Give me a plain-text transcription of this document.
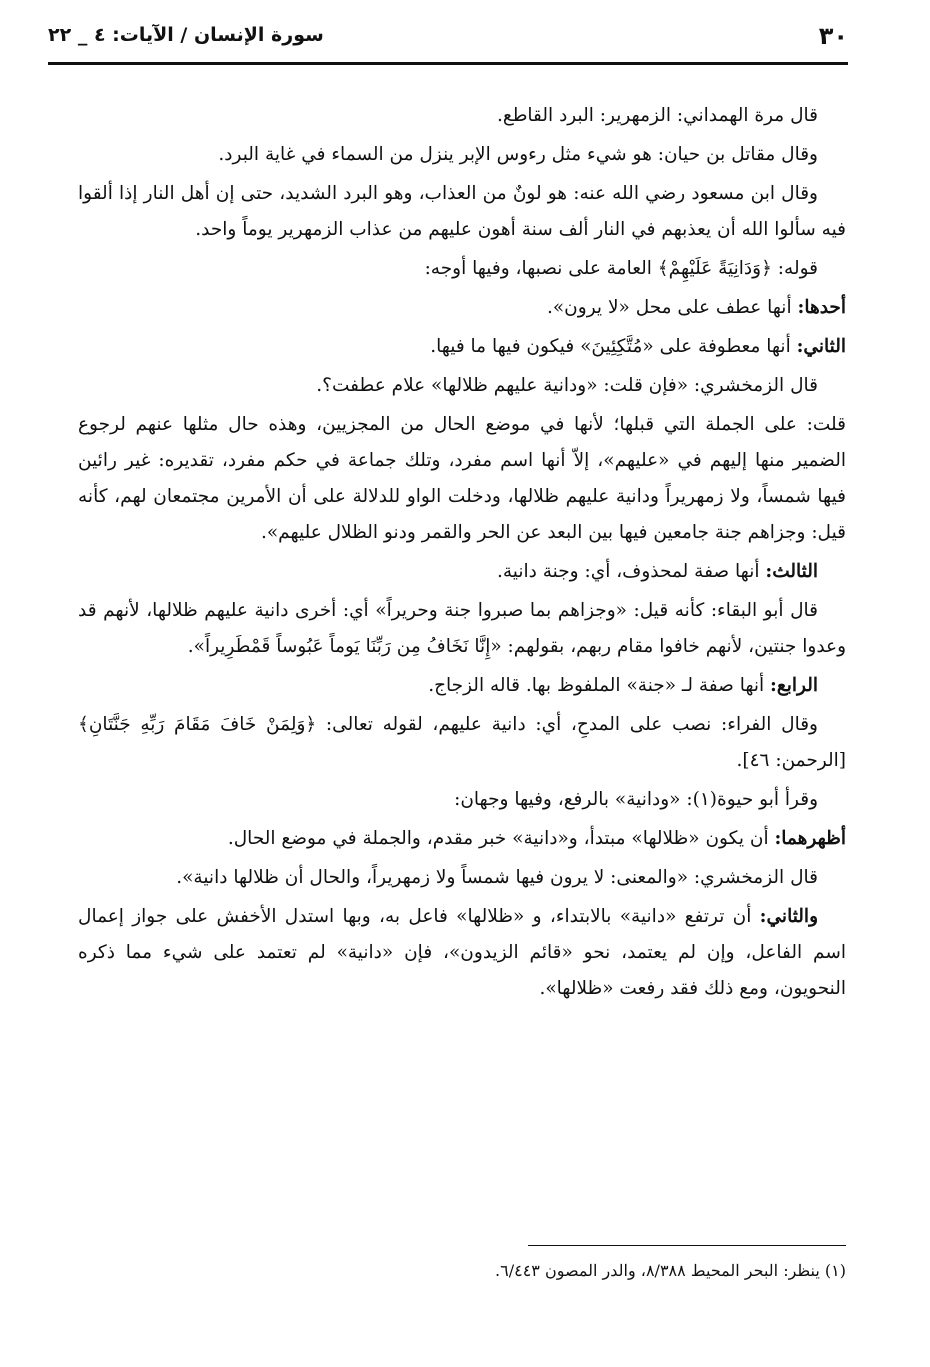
٣٠
سورة الإنسان / الآيات: ٤ _ ٢٢

قال مرة الهمداني: الزمهرير: البرد القاطع.

وقال مقاتل بن حيان: هو شيء مثل رءوس الإبر ينزل من السماء في غاية البرد.

وقال ابن مسعود رضي الله عنه: هو لونٌ من العذاب، وهو البرد الشديد، حتى إن أهل النار إذا ألقوا فيه سألوا الله أن يعذبهم في النار ألف سنة أهون عليهم من عذاب الزمهرير يوماً واحد.

قوله: ﴿وَدَانِيَةً عَلَيْهِمْ﴾ العامة على نصبها، وفيها أوجه:

أحدها: أنها عطف على محل «لا يرون».

الثاني: أنها معطوفة على «مُتَّكِئِينَ» فيكون فيها ما فيها.

قال الزمخشري: «فإن قلت: «ودانية عليهم ظلالها» علام عطفت؟.

قلت: على الجملة التي قبلها؛ لأنها في موضع الحال من المجزيين، وهذه حال مثلها عنهم لرجوع الضمير منها إليهم في «عليهم»، إلاّ أنها اسم مفرد، وتلك جماعة في حكم مفرد، تقديره: غير رائين فيها شمساً، ولا زمهريراً ودانية عليهم ظلالها، ودخلت الواو للدلالة على أن الأمرين مجتمعان لهم، كأنه قيل: وجزاهم جنة جامعين فيها بين البعد عن الحر والقمر ودنو الظلال عليهم».

الثالث: أنها صفة لمحذوف، أي: وجنة دانية.

قال أبو البقاء: كأنه قيل: «وجزاهم بما صبروا جنة وحريراً» أي: أخرى دانية عليهم ظلالها، لأنهم قد وعدوا جنتين، لأنهم خافوا مقام ربهم، بقولهم: «إِنَّا نَخَافُ مِن رَبِّنَا يَوماً عَبُوساً قَمْطَرِيراً».

الرابع: أنها صفة لـ «جنة» الملفوظ بها. قاله الزجاج.

وقال الفراء: نصب على المدحِ، أي: دانية عليهم، لقوله تعالى: ﴿وَلِمَنْ خَافَ مَقَامَ رَبِّهِ جَنَّتَانِ﴾ [الرحمن: ٤٦].

وقرأ أبو حيوة(١): «ودانية» بالرفع، وفيها وجهان:

أظهرهما: أن يكون «ظلالها» مبتدأ، و«دانية» خبر مقدم، والجملة في موضع الحال.

قال الزمخشري: «والمعنى: لا يرون فيها شمساً ولا زمهريراً، والحال أن ظلالها دانية».

والثاني: أن ترتفع «دانية» بالابتداء، و «ظلالها» فاعل به، وبها استدل الأخفش على جواز إعمال اسم الفاعل، وإن لم يعتمد، نحو «قائم الزيدون»، فإن «دانية» لم تعتمد على شيء مما ذكره النحويون، ومع ذلك فقد رفعت «ظلالها».

(١) ينظر: البحر المحيط ٨/٣٨٨، والدر المصون ٦/٤٤٣.
